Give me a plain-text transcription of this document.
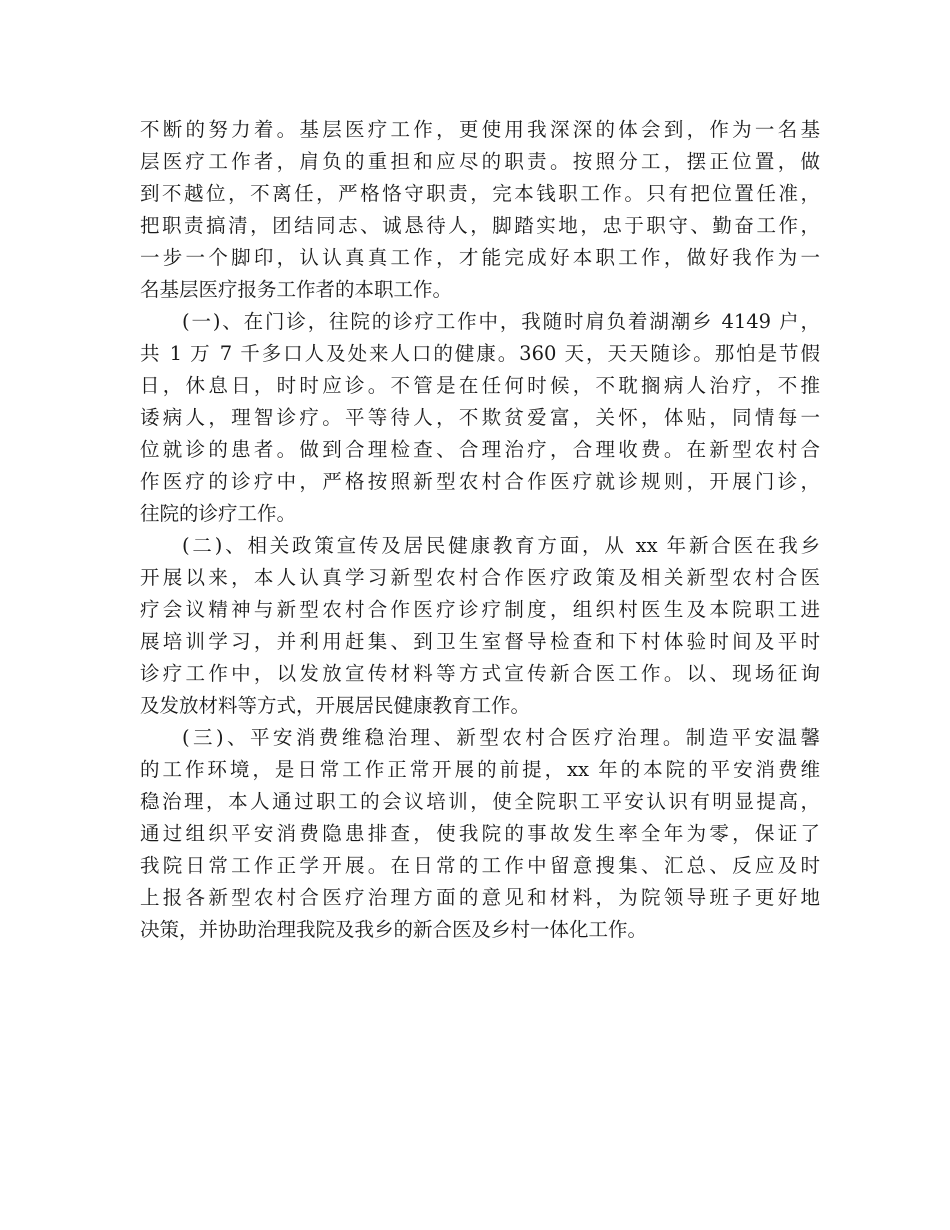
不断的努力着。基层医疗工作，更使用我深深的体会到，作为一名基
层医疗工作者，肩负的重担和应尽的职责。按照分工，摆正位置，做
到不越位，不离任，严格恪守职责，完本钱职工作。只有把位置任准，
把职责搞清，团结同志、诚恳待人，脚踏实地，忠于职守、勤奋工作，
一步一个脚印，认认真真工作，才能完成好本职工作，做好我作为一
名基层医疗报务工作者的本职工作。
(一)、在门诊，往院的诊疗工作中，我随时肩负着湖潮乡 4149 户，
共 1 万 7 千多口人及处来人口的健康。360 天，天天随诊。那怕是节假
日，休息日，时时应诊。不管是在任何时候，不耽搁病人治疗，不推
诿病人，理智诊疗。平等待人，不欺贫爱富，关怀，体贴，同情每一
位就诊的患者。做到合理检查、合理治疗，合理收费。在新型农村合
作医疗的诊疗中，严格按照新型农村合作医疗就诊规则，开展门诊，
往院的诊疗工作。
(二)、相关政策宣传及居民健康教育方面，从 xx 年新合医在我乡
开展以来，本人认真学习新型农村合作医疗政策及相关新型农村合医
疗会议精神与新型农村合作医疗诊疗制度，组织村医生及本院职工进
展培训学习，并利用赶集、到卫生室督导检查和下村体验时间及平时
诊疗工作中，以发放宣传材料等方式宣传新合医工作。以、现场征询
及发放材料等方式，开展居民健康教育工作。
(三)、平安消费维稳治理、新型农村合医疗治理。制造平安温馨
的工作环境，是日常工作正常开展的前提，xx 年的本院的平安消费维
稳治理，本人通过职工的会议培训，使全院职工平安认识有明显提高，
通过组织平安消费隐患排查，使我院的事故发生率全年为零，保证了
我院日常工作正学开展。在日常的工作中留意搜集、汇总、反应及时
上报各新型农村合医疗治理方面的意见和材料，为院领导班子更好地
决策，并协助治理我院及我乡的新合医及乡村一体化工作。
